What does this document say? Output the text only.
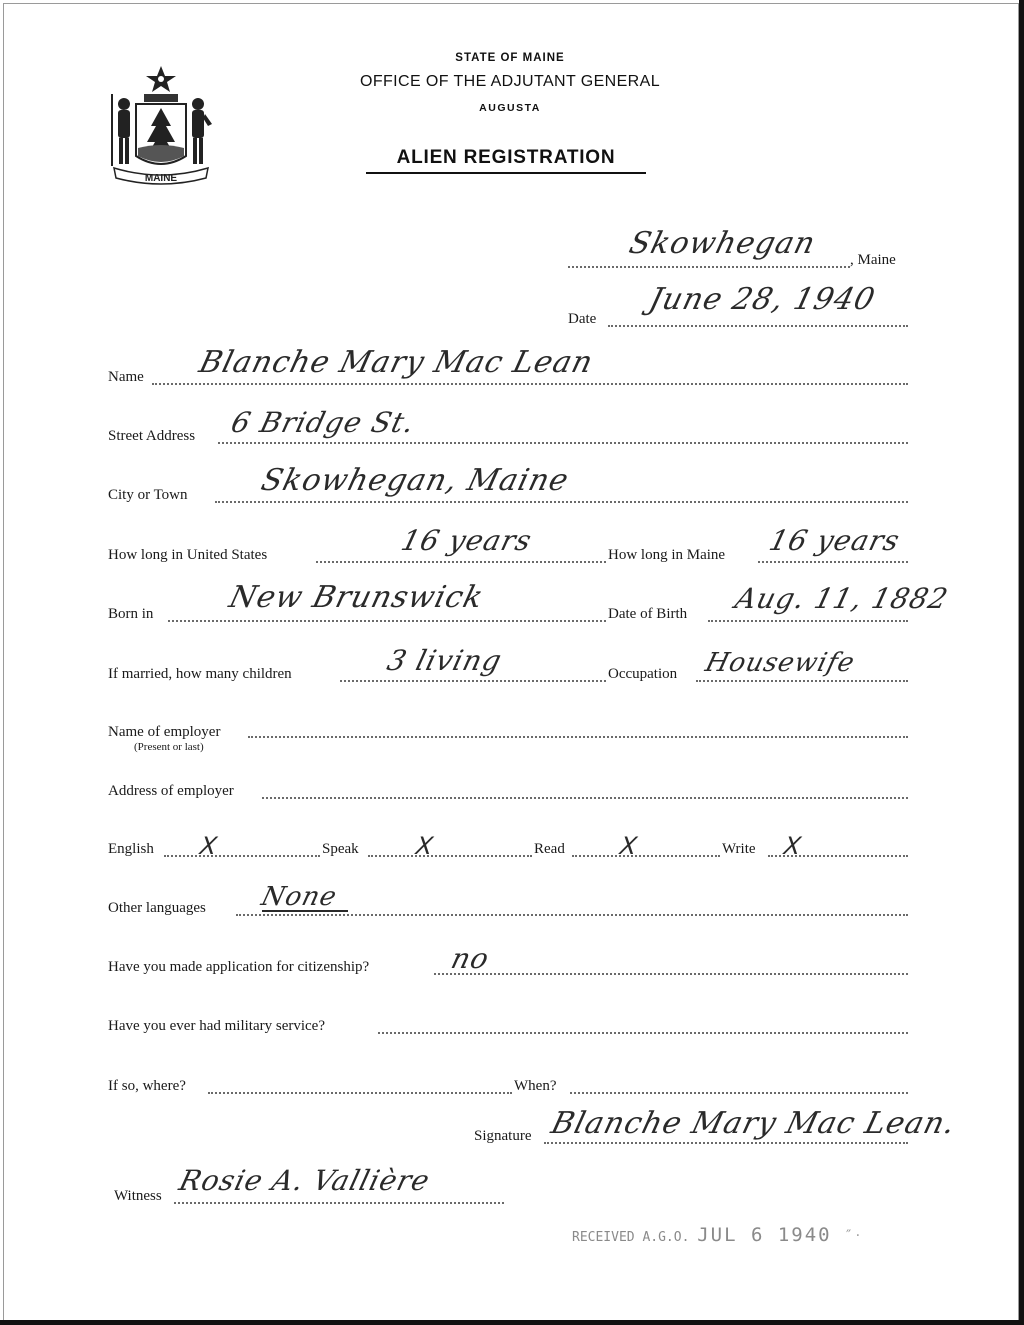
MAINE
STATE OF MAINE
OFFICE OF THE ADJUTANT GENERAL
AUGUSTA
ALIEN REGISTRATION
Skowhegan , Maine
Date
June 28, 1940
Name Blanche Mary Mac Lean
Street Address 6 Bridge St.
City or Town Skowhegan, Maine
How long in United States	16 years	How long in Maine 16 years
Born in New Brunswick	Date of Birth Aug. 11, 1882
If married, how many children	3 living	Occupation Housewife
Name of employer
(Present or last)
Address of employer
English X	Speak X	Read X	Write X
Other languages None
Have you made application for citizenship?	no
Have you ever had military service?
If so, where?	When?
Signature Blanche Mary Mac Lean.
Witness Rosie A. Vallière
RECEIVED A.G.O. JUL 6 1940 ″ ·
